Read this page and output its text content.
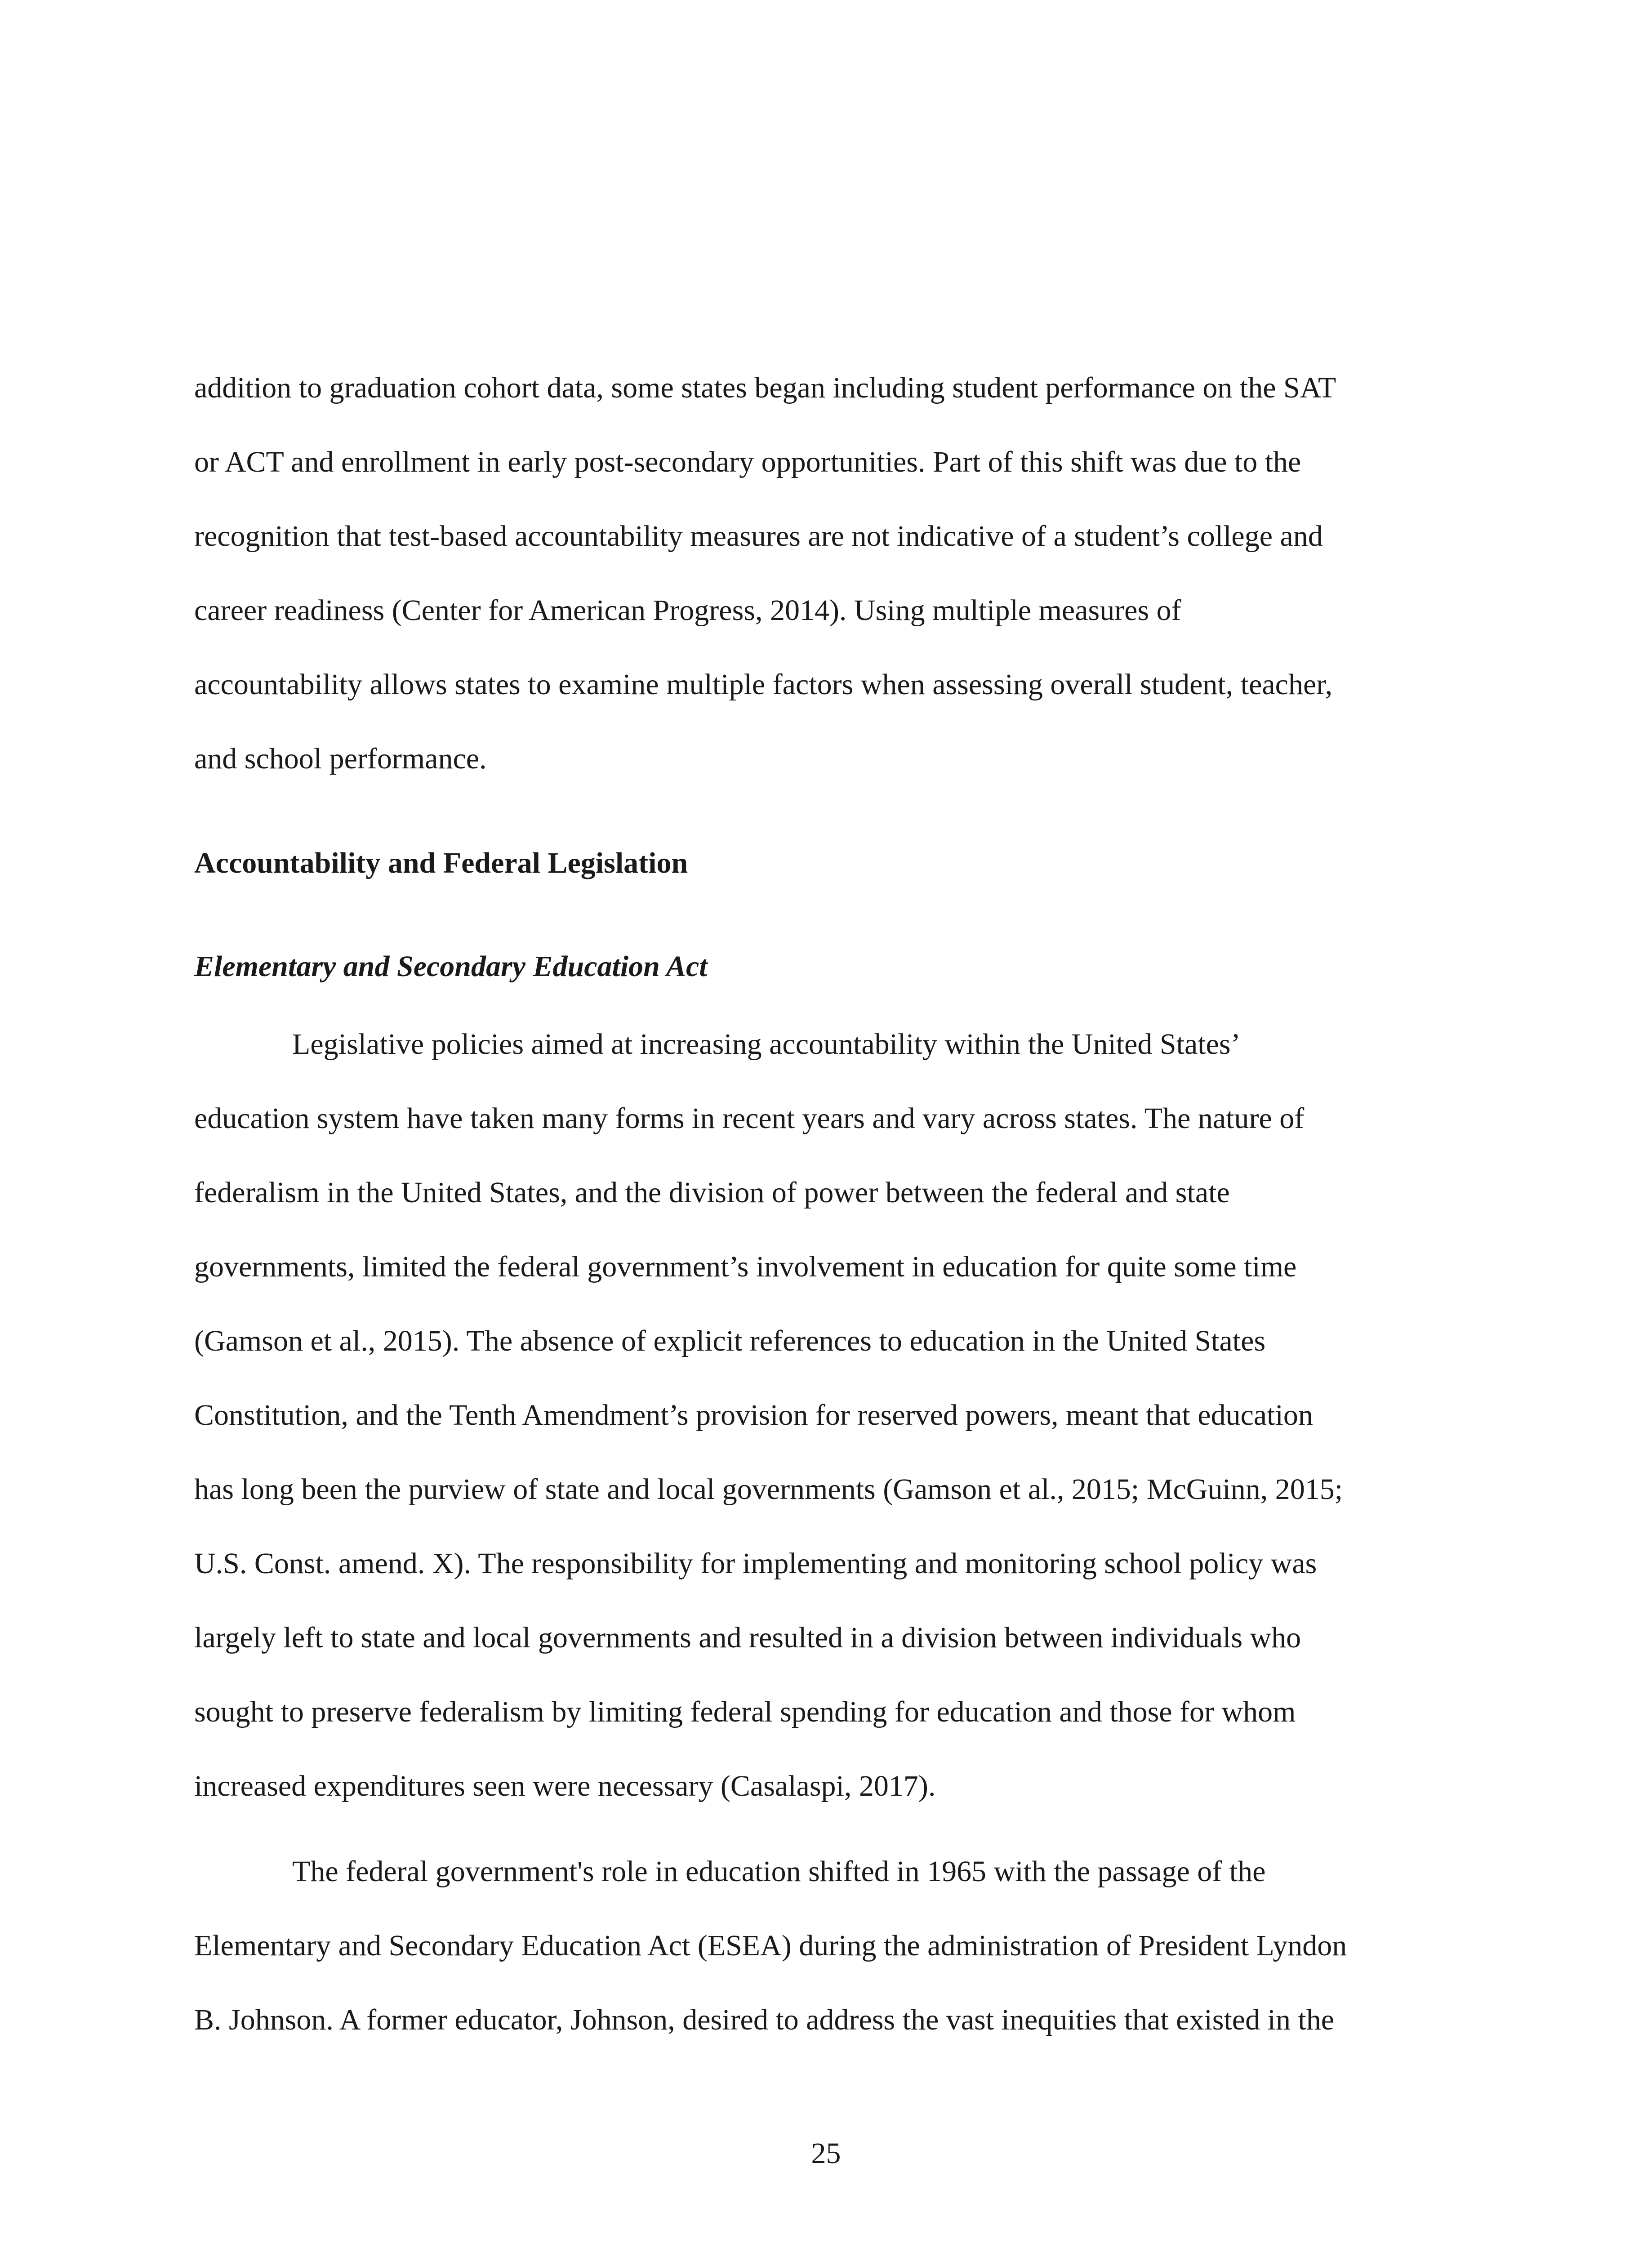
addition to graduation cohort data, some states began including student performance on the SAT
or ACT and enrollment in early post-secondary opportunities. Part of this shift was due to the
recognition that test-based accountability measures are not indicative of a student’s college and
career readiness (Center for American Progress, 2014). Using multiple measures of
accountability allows states to examine multiple factors when assessing overall student, teacher,
and school performance.
Accountability and Federal Legislation
Elementary and Secondary Education Act
Legislative policies aimed at increasing accountability within the United States’
education system have taken many forms in recent years and vary across states. The nature of
federalism in the United States, and the division of power between the federal and state
governments, limited the federal government’s involvement in education for quite some time
(Gamson et al., 2015). The absence of explicit references to education in the United States
Constitution, and the Tenth Amendment’s provision for reserved powers, meant that education
has long been the purview of state and local governments (Gamson et al., 2015; McGuinn, 2015;
U.S. Const. amend. X). The responsibility for implementing and monitoring school policy was
largely left to state and local governments and resulted in a division between individuals who
sought to preserve federalism by limiting federal spending for education and those for whom
increased expenditures seen were necessary (Casalaspi, 2017).
The federal government's role in education shifted in 1965 with the passage of the
Elementary and Secondary Education Act (ESEA) during the administration of President Lyndon
B. Johnson. A former educator, Johnson, desired to address the vast inequities that existed in the
25
